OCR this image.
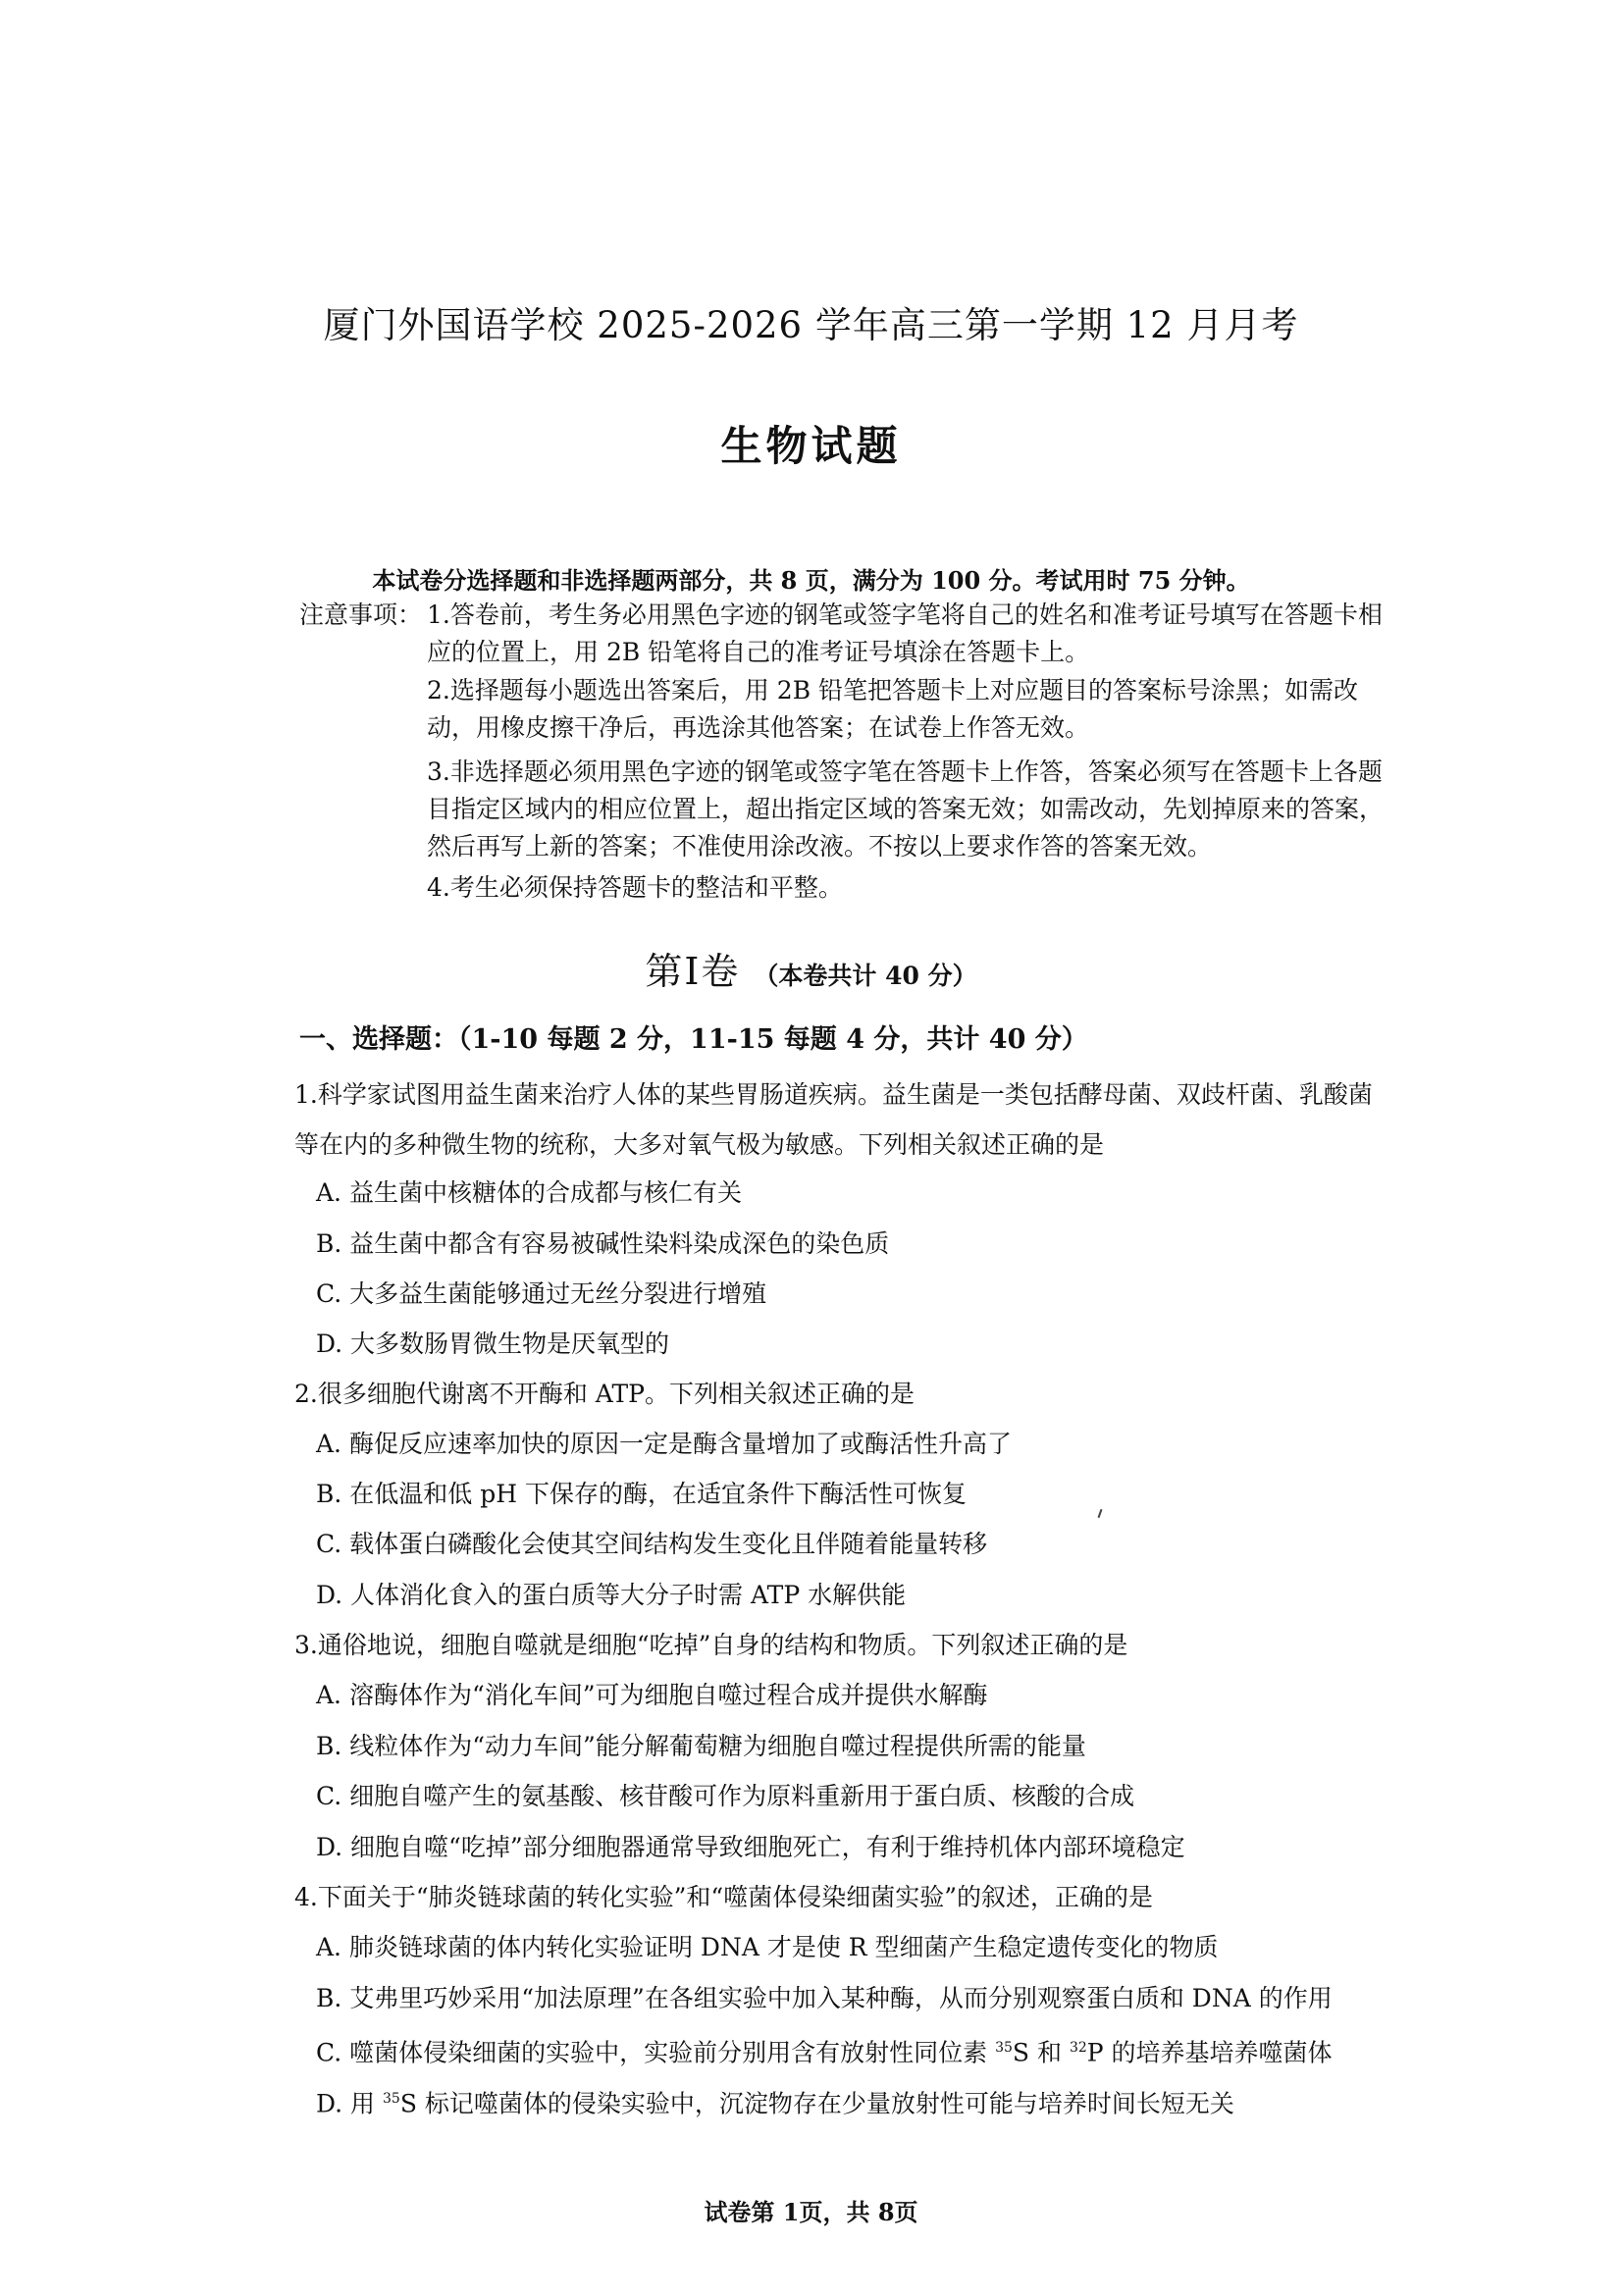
厦门外国语学校 2025-2026 学年高三第一学期 12 月月考
生物试题
本试卷分选择题和非选择题两部分，共 8 页，满分为 100 分。考试用时 75 分钟。
注意事项： 1.答卷前，考生务必用黑色字迹的钢笔或签字笔将自己的姓名和准考证号填写在答题卡相应的位置上，用 2B 铅笔将自己的准考证号填涂在答题卡上。
2.选择题每小题选出答案后，用 2B 铅笔把答题卡上对应题目的答案标号涂黑；如需改动，用橡皮擦干净后，再选涂其他答案；在试卷上作答无效。
3.非选择题必须用黑色字迹的钢笔或签字笔在答题卡上作答，答案必须写在答题卡上各题目指定区域内的相应位置上，超出指定区域的答案无效；如需改动，先划掉原来的答案，然后再写上新的答案；不准使用涂改液。不按以上要求作答的答案无效。
4.考生必须保持答题卡的整洁和平整。
第Ⅰ卷 （本卷共计 40 分）
一、选择题：（1-10 每题 2 分，11-15 每题 4 分，共计 40 分）
1.科学家试图用益生菌来治疗人体的某些胃肠道疾病。益生菌是一类包括酵母菌、双歧杆菌、乳酸菌等在内的多种微生物的统称，大多对氧气极为敏感。下列相关叙述正确的是
A. 益生菌中核糖体的合成都与核仁有关
B. 益生菌中都含有容易被碱性染料染成深色的染色质
C. 大多益生菌能够通过无丝分裂进行增殖
D. 大多数肠胃微生物是厌氧型的
2.很多细胞代谢离不开酶和 ATP。下列相关叙述正确的是
A. 酶促反应速率加快的原因一定是酶含量增加了或酶活性升高了
B. 在低温和低 pH 下保存的酶，在适宜条件下酶活性可恢复
C. 载体蛋白磷酸化会使其空间结构发生变化且伴随着能量转移
D. 人体消化食入的蛋白质等大分子时需 ATP 水解供能
3.通俗地说，细胞自噬就是细胞“吃掉”自身的结构和物质。下列叙述正确的是
A. 溶酶体作为“消化车间”可为细胞自噬过程合成并提供水解酶
B. 线粒体作为“动力车间”能分解葡萄糖为细胞自噬过程提供所需的能量
C. 细胞自噬产生的氨基酸、核苷酸可作为原料重新用于蛋白质、核酸的合成
D. 细胞自噬“吃掉”部分细胞器通常导致细胞死亡，有利于维持机体内部环境稳定
4.下面关于“肺炎链球菌的转化实验”和“噬菌体侵染细菌实验”的叙述，正确的是
A. 肺炎链球菌的体内转化实验证明 DNA 才是使 R 型细菌产生稳定遗传变化的物质
B. 艾弗里巧妙采用“加法原理”在各组实验中加入某种酶，从而分别观察蛋白质和 DNA 的作用
C. 噬菌体侵染细菌的实验中，实验前分别用含有放射性同位素 $^{35}$S 和 $^{32}$P 的培养基培养噬菌体
D. 用 $^{35}$S 标记噬菌体的侵染实验中，沉淀物存在少量放射性可能与培养时间长短无关
试卷第 1页，共 8页
